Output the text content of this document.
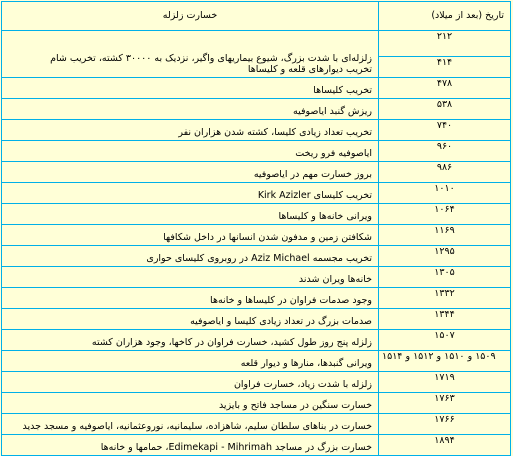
تاریخ (بعد از میلاد)	خسارت زلزله
۲۱۲	زلزله‌ای با شدت بزرگ، شیوع بیماریهای واگیر، نزدیک به ۳۰۰۰۰ کشته، تخریب شام
تخریب دیوارهای قلعه و کلیساها

۴۱۴	
۴۷۸	تخریب کلیساها
۵۳۸	ریزش گنبد ایاصوفیه
۷۴۰	تخریب تعداد زیادی کلیسا، کشته شدن هزاران نفر
۹۶۰	ایاصوفیه فرو ریخت
۹۸۶	بروز خسارت مهم در ایاصوفیه
۱۰۱۰	تخریب کلیسای Kirk Azizler
۱۰۶۴	ویرانی خانه‌ها و کلیساها
۱۱۶۹	شکافتن زمین و مدفون شدن انسانها در داخل شکافها
۱۲۹۵	تخریب مجسمه Aziz Michael در روبروی کلیسای حواری
۱۳۰۵	خانه‌ها ویران شدند
۱۳۳۲	وجود صدمات فراوان در کلیساها و خانه‌ها
۱۳۴۴	صدمات بزرگ در تعداد زیادی کلیسا و ایاصوفیه
۱۵۰۷	زلزله پنج روز طول کشید، خسارت فراوان در کاخها، وجود هزاران کشته
۱۵۰۹ و ۱۵۱۰ و ۱۵۱۲ و ۱۵۱۴	ویرانی گنبدها، منارها و دیوار قلعه
۱۷۱۹	زلزله با شدت زیاد، خسارت فراوان
۱۷۶۳	خسارت سنگین در مساجد فاتح و بایزید
۱۷۶۶	خسارت در بناهای سلطان سلیم، شاهزاده، سلیمانیه، نوروعثمانیه، ایاصوفیه و مسجد جدید
۱۸۹۴	خسارت بزرگ در مساجد Edimekapi - Mihrimah، حمامها و خانه‌ها
